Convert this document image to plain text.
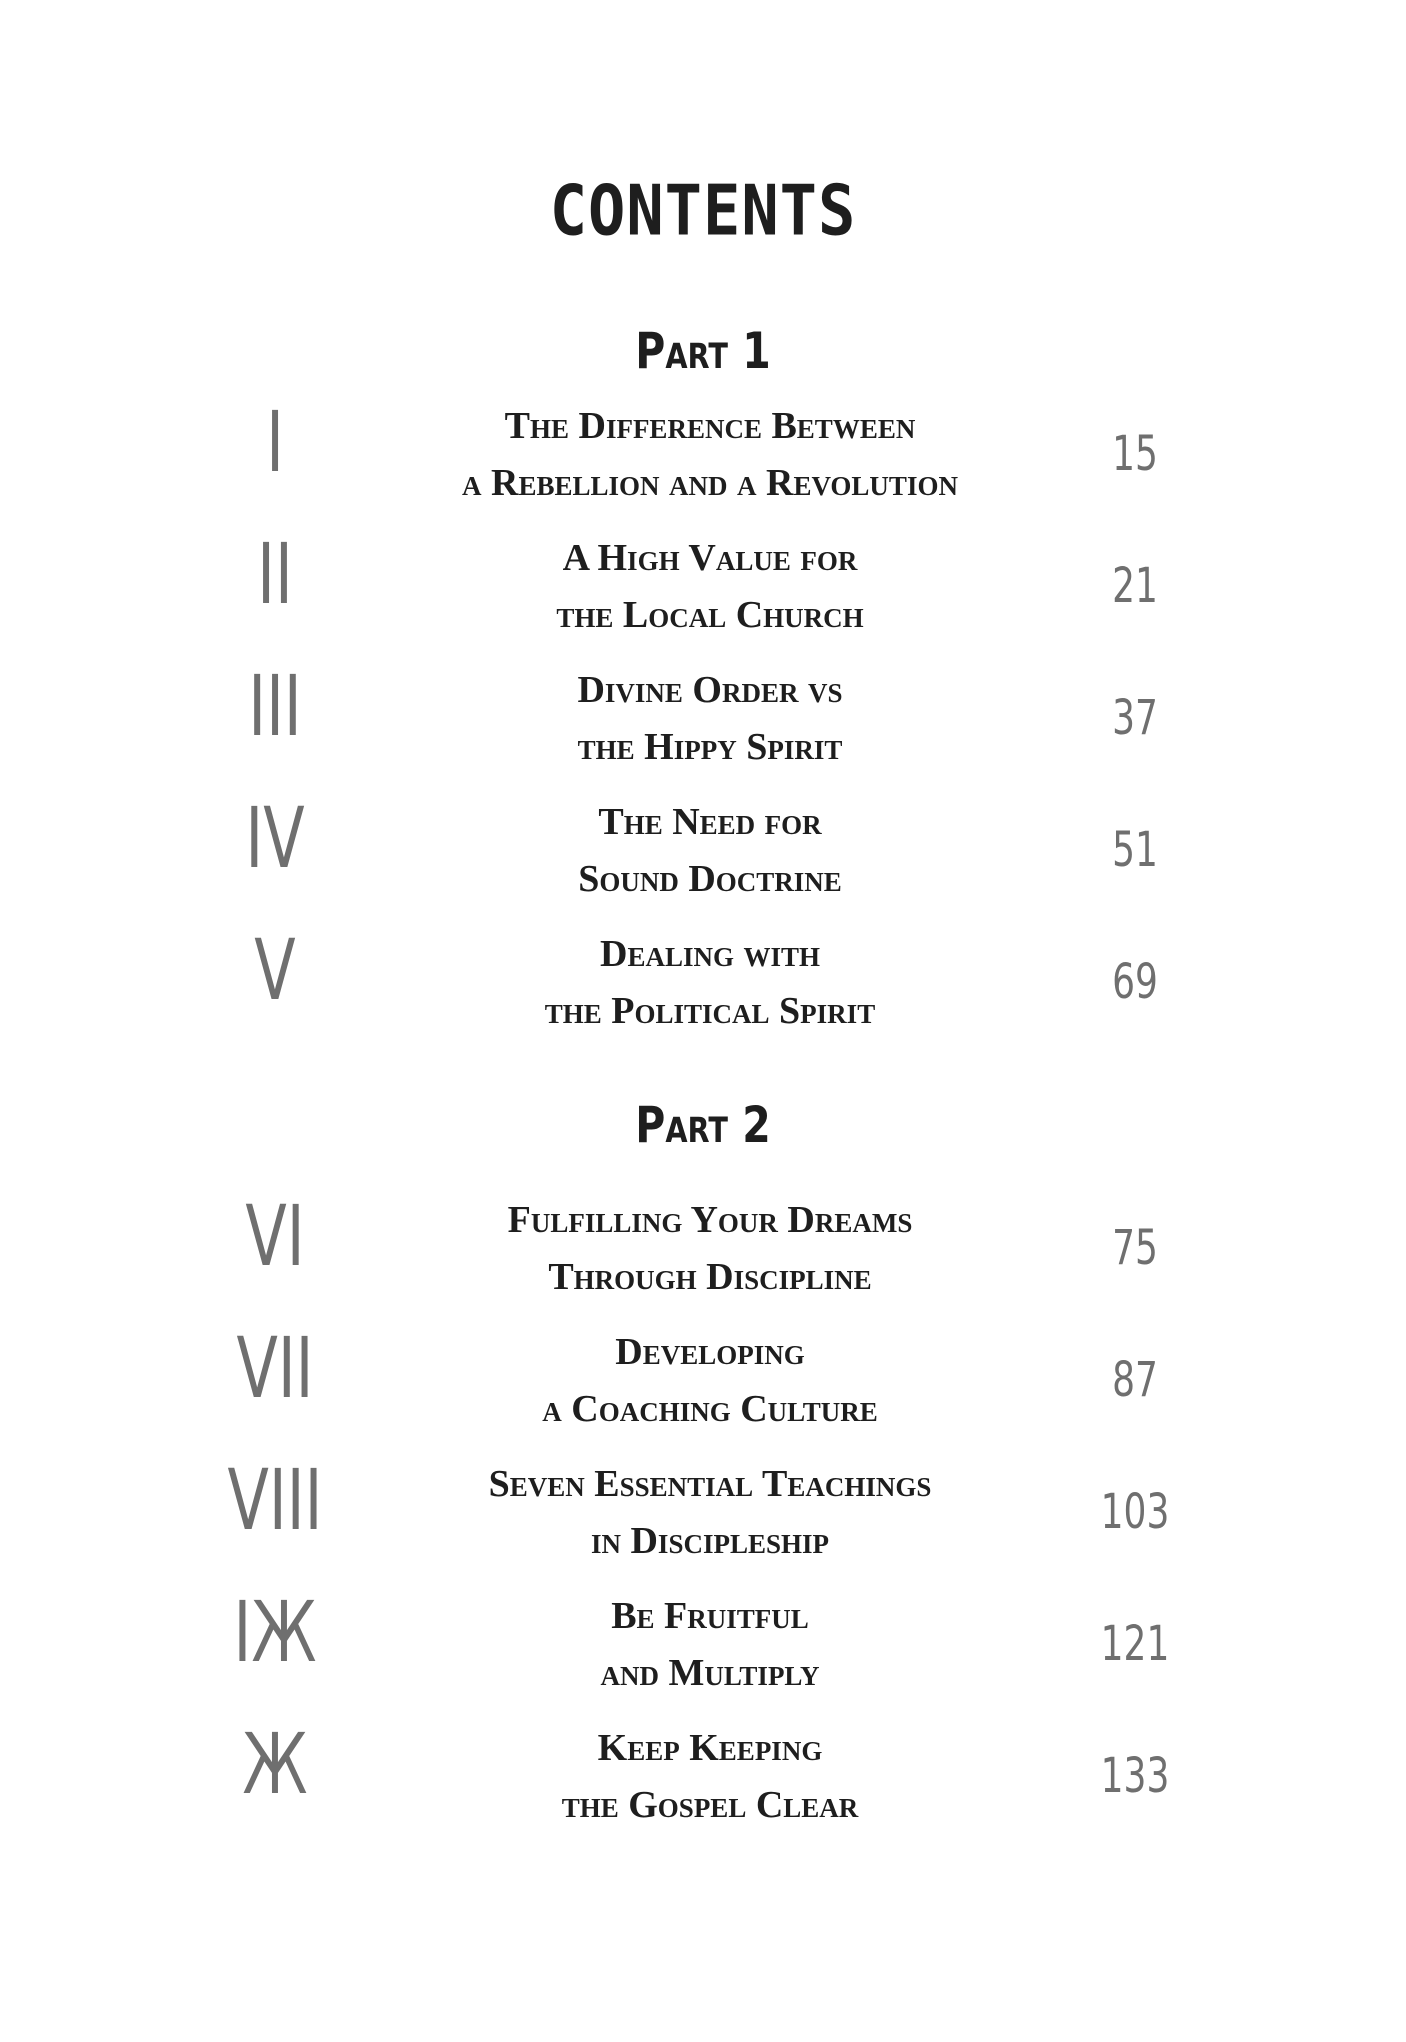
CONTENTS
Part 1
I	The Difference Between
a Rebellion and a Revolution
15
II	A High Value for
the Local Church
21
III	Divine Order vs
the Hippy Spirit
37
IV	The Need for
Sound Doctrine
51
V	Dealing with
the Political Spirit
69
Part 2
VI	Fulfilling Your Dreams
Through Discipline
75
VII	Developing
a Coaching Culture
87
VIII	Seven Essential Teachings
in Discipleship
103
IЖ	Be Fruitful
and Multiply
121
Ж	Keep Keeping
the Gospel Clear
133
